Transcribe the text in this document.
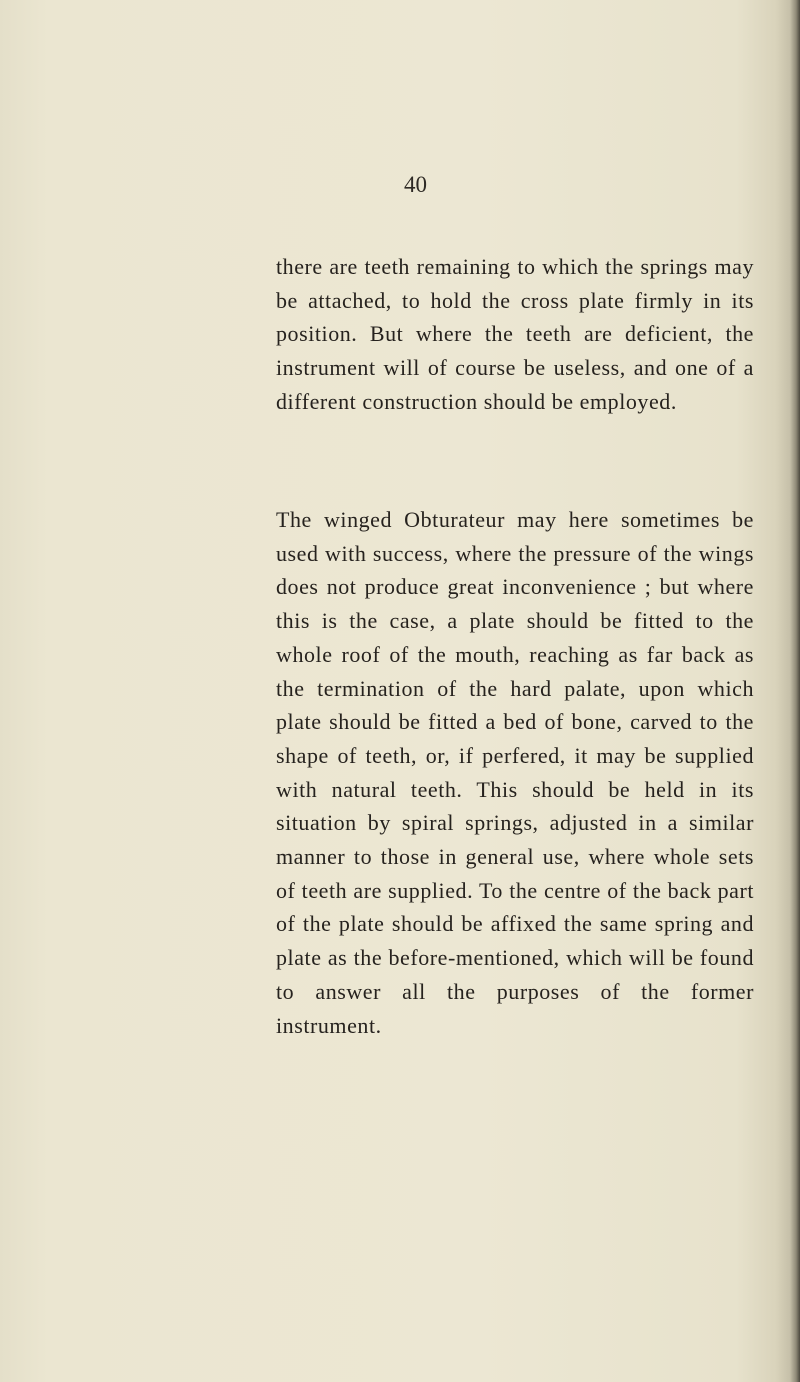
40

there are teeth remaining to which the springs may be attached, to hold the cross plate firmly in its position. But where the teeth are deficient, the instrument will of course be useless, and one of a different construction should be employed.

The winged Obturateur may here sometimes be used with success, where the pressure of the wings does not produce great inconvenience ; but where this is the case, a plate should be fitted to the whole roof of the mouth, reaching as far back as the termination of the hard palate, upon which plate should be fitted a bed of bone, carved to the shape of teeth, or, if perfered, it may be supplied with natural teeth. This should be held in its situation by spiral springs, adjusted in a similar manner to those in general use, where whole sets of teeth are supplied. To the centre of the back part of the plate should be affixed the same spring and plate as the before-mentioned, which will be found to answer all the purposes of the former instrument.
